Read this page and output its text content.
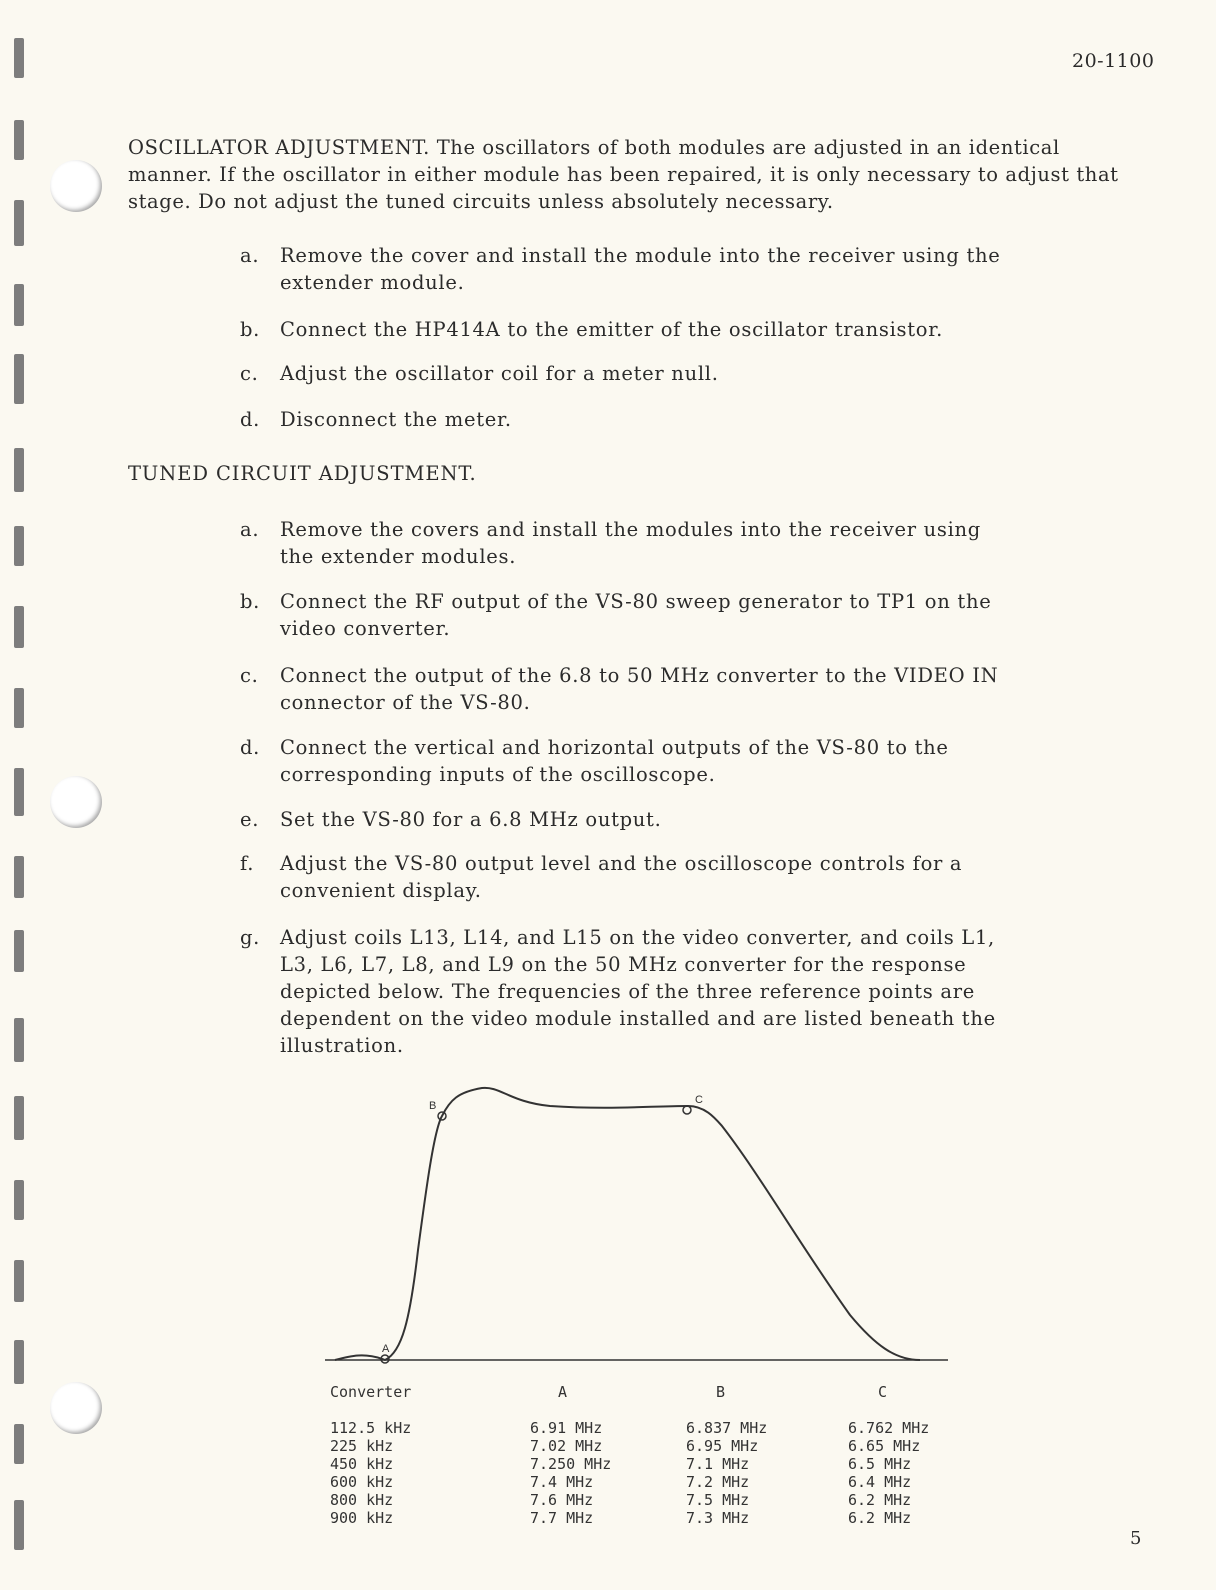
20-1100
OSCILLATOR ADJUSTMENT. The oscillators of both modules are adjusted in an identical manner. If the oscillator in either module has been repaired, it is only necessary to adjust that stage. Do not adjust the tuned circuits unless absolutely necessary.
a. Remove the cover and install the module into the receiver using the extender module.
b. Connect the HP414A to the emitter of the oscillator transistor.
c. Adjust the oscillator coil for a meter null.
d. Disconnect the meter.
TUNED CIRCUIT ADJUSTMENT.
a. Remove the covers and install the modules into the receiver using the extender modules.
b. Connect the RF output of the VS-80 sweep generator to TP1 on the video converter.
c. Connect the output of the 6.8 to 50 MHz converter to the VIDEO IN connector of the VS-80.
d. Connect the vertical and horizontal outputs of the VS-80 to the corresponding inputs of the oscilloscope.
e. Set the VS-80 for a 6.8 MHz output.
f. Adjust the VS-80 output level and the oscilloscope controls for a convenient display.
g. Adjust coils L13, L14, and L15 on the video converter, and coils L1, L3, L6, L7, L8, and L9 on the 50 MHz converter for the response depicted below. The frequencies of the three reference points are dependent on the video module installed and are listed beneath the illustration.
A
B	C
Converter
112.5 kHz
225 kHz
450 kHz
600 kHz
800 kHz
900 kHz
A
6.91 MHz
7.02 MHz
7.250 MHz
7.4 MHz
7.6 MHz
7.7 MHz
B
6.837 MHz
6.95 MHz
7.1 MHz
7.2 MHz
7.5 MHz
7.3 MHz
C
6.762 MHz
6.65 MHz
6.5 MHz
6.4 MHz
6.2 MHz
6.2 MHz
5
